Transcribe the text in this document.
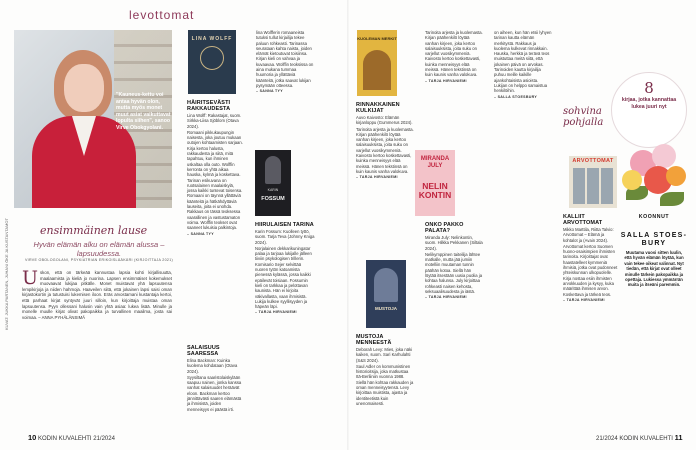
levottomat
"Kauneus-kettu voi antaa hyvän olon, mutta myös monet muut asiat vaikuttavat lopulta siihen", sanoo Virve Obokgyolani.
KUVAT: JUKKA PARTANEN, JUHANI ÖKE JA KUSTANTAMOT	ensimmäinen lause
Hyvän elämän alku on elämän alussa – lapsuudessa.
VIRVE OBOLOGOLANI, PSYKIATRIAN ERIKOISLÄÄKÄRI (KIRJOITTAJA 2021)
U skon, että on tärkeää kannustaa lapsia kohti kirjallisuutta, maalaamista ja kieliä jo nuorina. Lapsen ensimmäiset kokemukset muovaavat lukijaa pitkälle. Monet muistavat yhä lapsuutensa lempikirjoja ja niiden hahmoja. Haaveilen siitä, että jokainen lapsi saisi oman kirjastokortin ja tutustuisi lukemisen iloon. Eräs arvostamani kustantaja kertoi, että parhaat kirjat syntyvät juuri silloin, kun kirjoittaja muistaa oman lapsuutensa. Pyyn ollessani halusin vain yhtä asiaa: lukea lisää. Minulle ja monelle muulle kirjat olivat pakopaikka ja turvallinen maailma, josta sai voimaa. – ANNA PYHÄLÄNSIMÄ
LINA WOLFF
HÄIRITSEVÄSTI RAKKAUDESTA

Lina Wolff: Rakastajat, suom. Sirkka-Liisa Sjöblom (Otava 2024).

Romaani pikkukaupungin naisesta, joka joutuu mukaan outojen kohtaamisten sarjaan. Kirja kertoo halusta, rakkaudesta ja siitä, mitä tapahtuu, kun ihminen uskaltaa olla outo. Wolffin kerronta on yhtä aikaa hauska, kylmä ja koskettava. Tarinan esikuvana on ruotsalainen maalaiskylä, jossa kaikki tuntevat toisensa. Romaani on täynnä yllättäviä käänteitä ja hätkähdyttäviä lauseita, joita ei unohda. Rakkaus on tässä teoksessa vaarallinen ja vastustamaton voima. Wolffin teokset ovat saaneet lukuisia palkintoja.

– SANNA TYY

SALAISUUS SAARESSA

Elina Backman: Kuinka kuolema kohdataan (Otava 2024).

Syysiltana saaristolaiskylään saapuu nainen, jonka kanssa vanhat salaisuudet heräävät eloon. Backman kertoo jännittävästi saaren elämästä ja ihmisistä, joiden menneisyys ei päästä irti.

lina Wolfferin romaaneista tutuksi tullut kirjailija tekee paluun rohkeasti. Tarinassa seurataan kahta naista, joiden elämät kietoutuvat toisiinsa. Kirjan kieli on vahvaa ja kuvaavaa. Wolffin teoksissa on aina mukana tummaa huumoria ja yllättäviä käänteitä, jotka saavat lukijan pysymään otteessa.

– SANNA TYY

KARIN
FOSSUM
HIIRULAISEN TARINA

Karin Fossum: Kuolleen tyttö, suom. Tarja Teva (Johnny Kniga 2024).

Norjalainen dekkarikuningatar palaa ja tarjoaa lukijalle jälleen tiiviin psykologisen trillerin. Komisario Sejer selvittää nuoren tytön katoamista pienessä kylässä, jossa kaikki epäilevät toisiaan. Fossumin kieli on tarkkaa ja pelottavan kaunista. Hän ei kirjoita väkivallasta, vaan ihmisistä. Lukija kulkee syyllisyyden ja häpeän läpi.

– TARJA HIRVANIEMI

KUOLEMAN MERKIT
RINNAKKAINEN KULKIJAT

Auvo Kaivosto: Elämän kirjanloppu (Gummerus 2024).

Tarinoita arjesta ja kuolemasta. Kirjan päähenkilö löytää vanhan kirjeen, joka kertoo salaisuuksista, joita suku on varjellut vuosikymmeniä. Kaivosto kertoo koskettavasti, kuinka menneisyys elää meissä. Hänen tekstinsä on kuin kaunis vanha valokuva.

– TARJA HIRVANIEMI

MUSTOJA
MUSTOJA MENNEESTÄ

Deborah Levy: Mies, joka näki kaiken, suom. Sari Karhulahti (S&S 2024).

Saul Adler on kommunistinen historioitsija, joka matkustaa Itä-Berliiniin vuonna 1988. Siellä hän kohtaa rakkauden ja oman menneisyytensä. Levy kirjoittaa muistista, ajasta ja identiteetistä kuin unenomaisesti.

Tarinoita arjesta ja kuolemasta. Kirjan päähenkilö löytää vanhan kirjeen, joka kertoo salaisuuksista, joita suku on varjellut vuosikymmeniä. Kaivosto kertoo koskettavasti, kuinka menneisyys elää meissä. Hänen tekstinsä on kuin kaunis vanha valokuva.

– TARJA HIRVANIEMI

MIRANDA JULY
NELIN KONTIN
ONKO PAKKO PALATA?

Miranda July: Nelinkontin, suom. Hilkka Pekkanen (Siltala 2024).

Nelikymppinen taiteilija lähtee matkalle, mutta jää jumiin motelliin muutaman tunnin päähän kotoa. Siellä hän löytää itsestään uusia puolia ja kohtaa halunsa. July kirjoittaa rohkeasti naisen kehosta, seksuaalisuudesta ja iästä.

– TARJA HIRVANIEMI

on aiheen, kun hän etsii lyhyen tarinan kautta elämän merkitystä. Rakkaus ja kuolema kulkevat rinnakkain. Hauska, herkkä ja terävä teos muistuttaa meitä siitä, että jokainen päivä on arvokas. Tarinoiden kautta kirjailija puhuu meille kaikille ajankohtaisista asioista. Lukijan on helppo samaistua henkilöihin.

– SALLA STOESBURY

sohvina
pohjalla
ARVOTTOMAT
KALLIIT ARVOTTOMAT

Mikko Marttila, Riitta Talvio: Arvottomat – Elämä ja kohtalot ja (Avain 2024).

Arvottomat kertoo Suomen huono-osaisimpien ihmisten tarinoita. Kirjoittajat ovat haastatelleet kymmeniä ihmisiä, jotka ovat pudonneet yhteiskunnan ulkopuolelle. Kirja nostaa esiin ihmisten arvokkuuden ja kysyy, kuka määrittää ihmisen arvon. Koskettava ja tärkeä teos.

– TARJA HIRVANIEMI

8
kirjaa, jotka kannattaa lukea juuri nyt
KOONNUT
SALLA STOES-BURY
Muutama vuosi sitten luulin, että hyvän elämän löytää, kun vain tekee oikeat valinnat. Nyt tiedän, että kirjat ovat olleet minulle tärkein pakopaikka ja opettaja. Lukiessa ymmärrän muita ja itseäni paremmin.
10 KODIN KUVALEHTI 21/2024	21/2024 KODIN KUVALEHTI 11
